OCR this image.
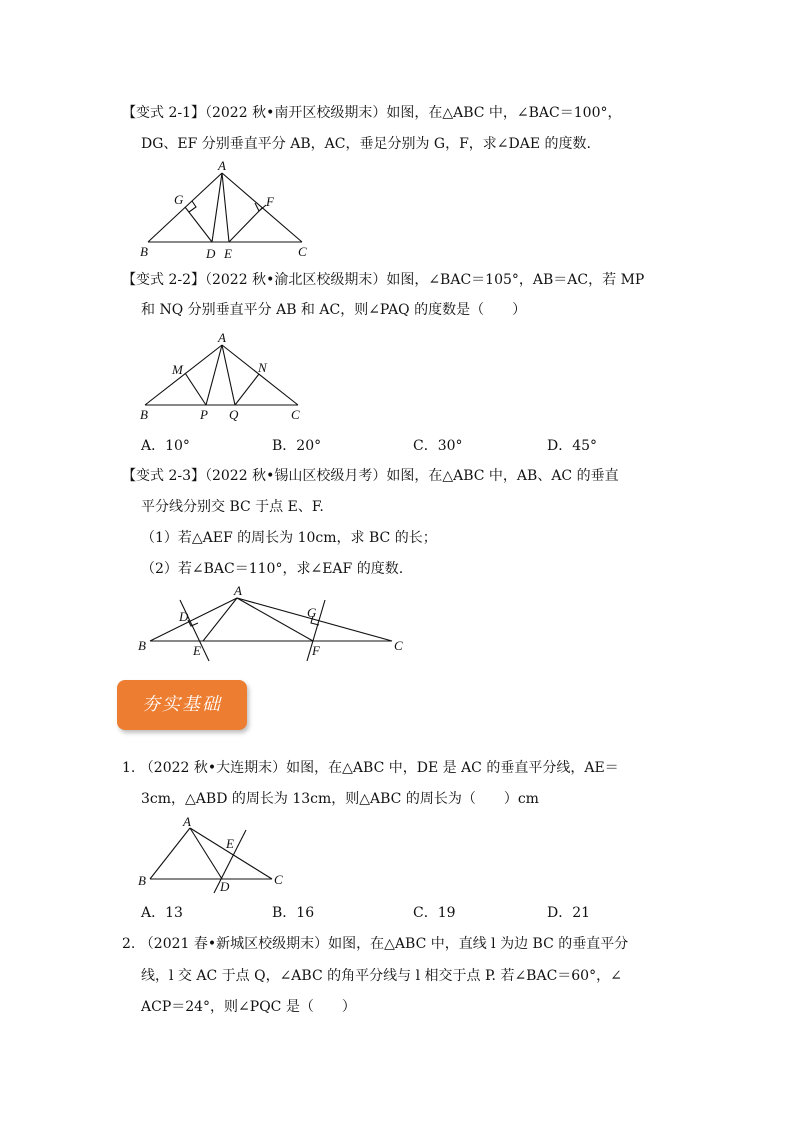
【变式 2-1】（2022 秋•南开区校级期末）如图，在△ABC 中，∠BAC＝100°，
DG、EF 分别垂直平分 AB，AC，垂足分别为 G，F，求∠DAE 的度数.
A
B	C
D E
F
G
【变式 2-2】（2022 秋•渝北区校级期末）如图，∠BAC＝105°，AB＝AC，若 MP
和 NQ 分别垂直平分 AB 和 AC，则∠PAQ 的度数是（　　）
A
B	C
M	N
P Q
A．10°	B．20°	C．30°	D．45°
【变式 2-3】（2022 秋•锡山区校级月考）如图，在△ABC 中，AB、AC 的垂直
平分线分别交 BC 于点 E、F.
（1）若△AEF 的周长为 10cm，求 BC 的长；
（2）若∠BAC＝110°，求∠EAF 的度数.
A
B	C
D
E	F
G
夯实基础
1. （2022 秋•大连期末）如图，在△ABC 中，DE 是 AC 的垂直平分线，AE＝
3cm，△ABD 的周长为 13cm，则△ABC 的周长为（　　）cm
A
B	C
D
E
A．13	B．16	C．19	D．21
2. （2021 春•新城区校级期末）如图，在△ABC 中，直线 l 为边 BC 的垂直平分
线，l 交 AC 于点 Q，∠ABC 的角平分线与 l 相交于点 P. 若∠BAC＝60°，∠
ACP＝24°，则∠PQC 是（　　）
